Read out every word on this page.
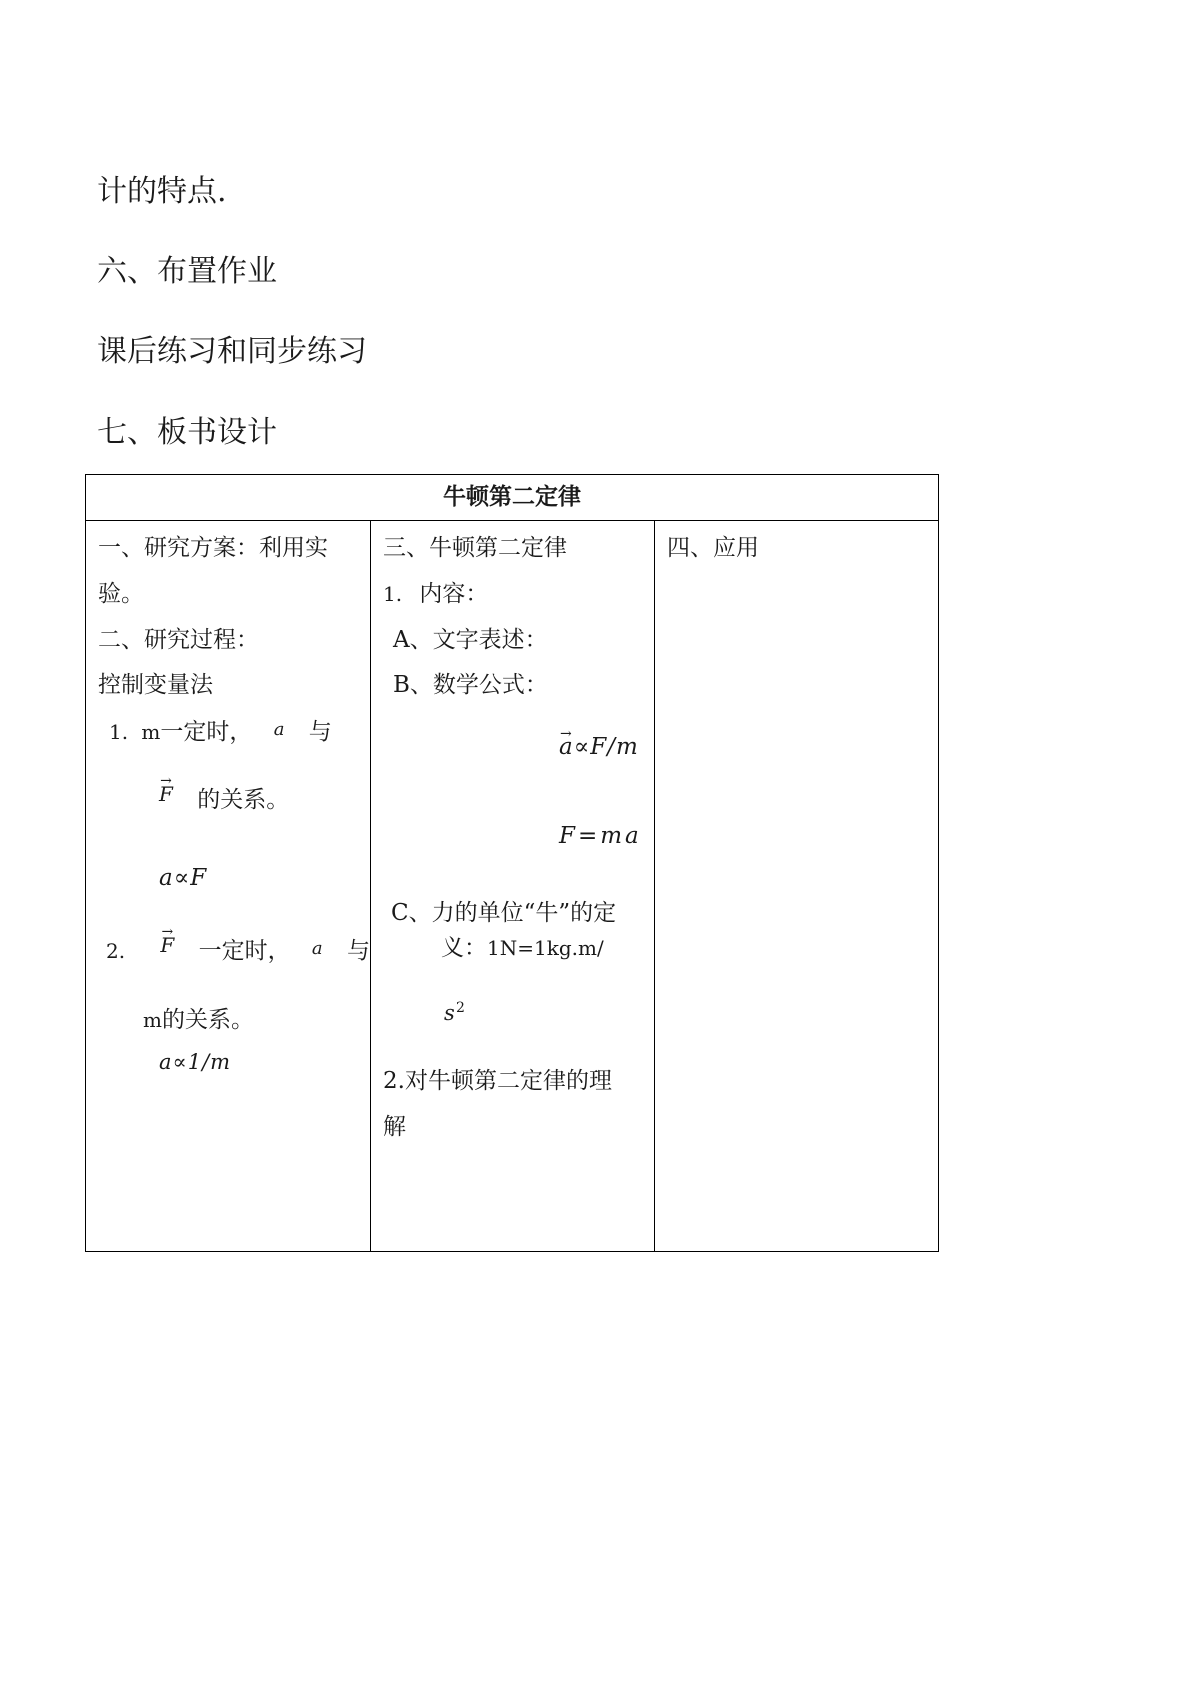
计的特点.
六、布置作业
课后练习和同步练习
七、板书设计
牛顿第二定律
一、研究方案：利用实
验。
二、研究过程：
控制变量法
1. m一定时， a 与
→ F 的关系。
a∝F
2. → F 一定时， a 与
m的关系。
a∝1/m
三、牛顿第二定律
1. 内容：
A、文字表述：
B、数学公式：
→ a∝F/m
F=ma
C、力的单位“牛”的定
义：1N=1kg.m/
s 2
2.对牛顿第二定律的理
解
四、应用
